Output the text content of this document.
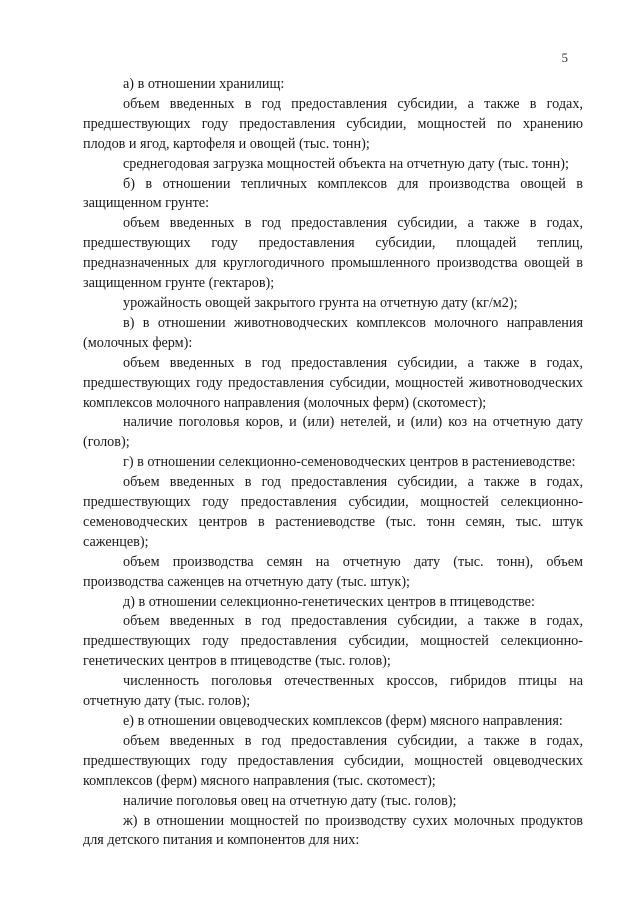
5

а) в отношении хранилищ:

объем введенных в год предоставления субсидии, а также в годах, предшествующих году предоставления субсидии, мощностей по хранению плодов и ягод, картофеля и овощей (тыс. тонн);

среднегодовая загрузка мощностей объекта на отчетную дату (тыс. тонн);

б) в отношении тепличных комплексов для производства овощей в защищенном грунте:

объем введенных в год предоставления субсидии, а также в годах, предшествующих году предоставления субсидии, площадей теплиц, предназначенных для круглогодичного промышленного производства овощей в защищенном грунте (гектаров);

урожайность овощей закрытого грунта на отчетную дату (кг/м2);

в) в отношении животноводческих комплексов молочного направления (молочных ферм):

объем введенных в год предоставления субсидии, а также в годах, предшествующих году предоставления субсидии, мощностей животноводческих комплексов молочного направления (молочных ферм) (скотомест);

наличие поголовья коров, и (или) нетелей, и (или) коз на отчетную дату (голов);

г) в отношении селекционно-семеноводческих центров в растениеводстве:

объем введенных в год предоставления субсидии, а также в годах, предшествующих году предоставления субсидии, мощностей селекционно-семеноводческих центров в растениеводстве (тыс. тонн семян, тыс. штук саженцев);

объем производства семян на отчетную дату (тыс. тонн), объем производства саженцев на отчетную дату (тыс. штук);

д) в отношении селекционно-генетических центров в птицеводстве:

объем введенных в год предоставления субсидии, а также в годах, предшествующих году предоставления субсидии, мощностей селекционно-генетических центров в птицеводстве (тыс. голов);

численность поголовья отечественных кроссов, гибридов птицы на отчетную дату (тыс. голов);

е) в отношении овцеводческих комплексов (ферм) мясного направления:

объем введенных в год предоставления субсидии, а также в годах, предшествующих году предоставления субсидии, мощностей овцеводческих комплексов (ферм) мясного направления (тыс. скотомест);

наличие поголовья овец на отчетную дату (тыс. голов);

ж) в отношении мощностей по производству сухих молочных продуктов для детского питания и компонентов для них:
